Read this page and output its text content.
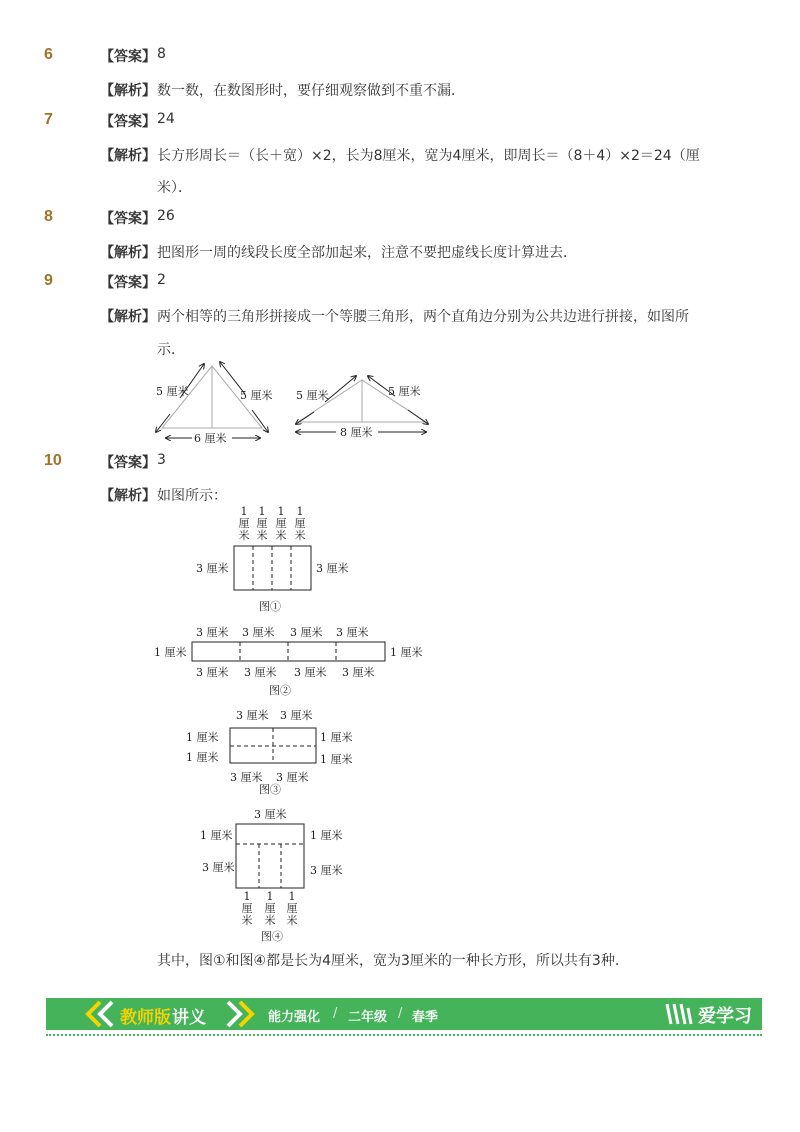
6	【答案】 8
【解析】 数一数，在数图形时，要仔细观察做到不重不漏．
7	【答案】 24
【解析】 长方形周长＝（长＋宽）×2，长为8厘米，宽为4厘米，即周长＝（8＋4）×2＝24（厘
米）．
8	【答案】 26
【解析】 把图形一周的线段长度全部加起来，注意不要把虚线长度计算进去．
9	【答案】 2
【解析】 两个相等的三角形拼接成一个等腰三角形，两个直角边分别为公共边进行拼接，如图所
示．
5 厘米	5 厘米
6 厘米
5 厘米	5 厘米
8 厘米
10	【答案】 3
【解析】 如图所示：
1
厘
米
1
厘
米
1
厘
米
1
厘
米
3 厘米	3 厘米
图①
3 厘米 3 厘米 3 厘米 3 厘米
1 厘米	1 厘米
3 厘米 3 厘米 3 厘米 3 厘米
图②
3 厘米 3 厘米
1 厘米
1 厘米
1 厘米
1 厘米
3 厘米 3 厘米
图③
3 厘米
1 厘米	1 厘米
3 厘米	3 厘米
1
厘
米
1
厘
米
1
厘
米
图④
其中，图①和图④都是长为4厘米，宽为3厘米的一种长方形，所以共有3种.
教师版 讲义	能力强化 / 二年级 / 春季	爱学习
